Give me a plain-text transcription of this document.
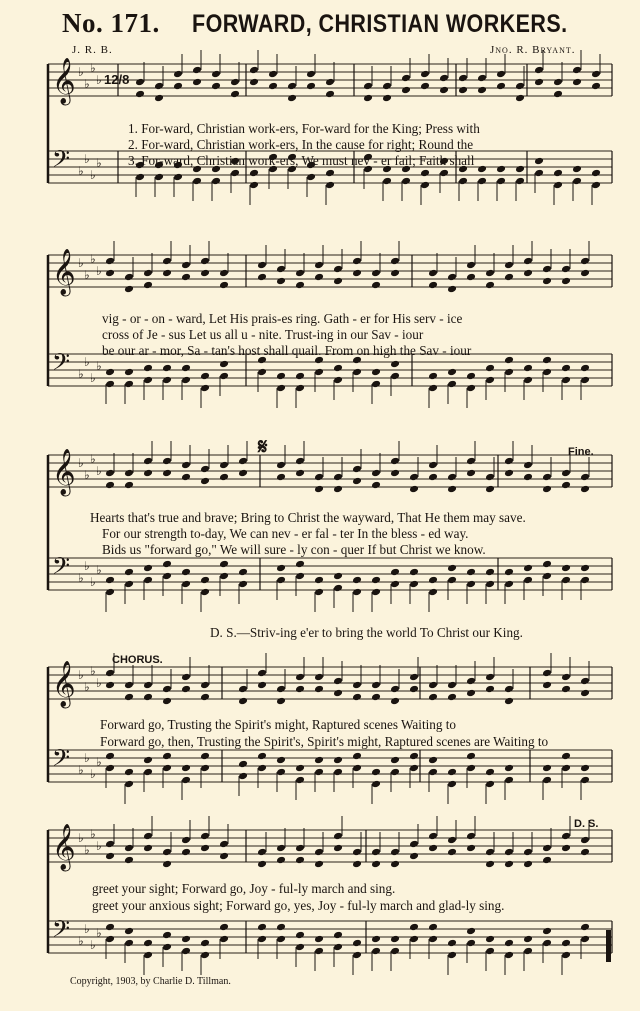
No. 171. FORWARD, CHRISTIAN WORKERS.
J. R. B.	Jno. R. Bryant.
𝄞 ♭
♭
♭
♭
𝄢 ♭
♭
♭
♭
𝄞 ♭
♭
♭
♭
𝄢 ♭
♭
♭
♭
𝄞 ♭
♭
♭
♭
𝄢 ♭
♭
♭
♭
𝄞 ♭
♭
♭
♭
𝄢 ♭
♭
♭
♭
𝄞 ♭
♭
♭
♭
𝄢 ♭
♭
♭
♭
1. For-ward, Christian work-ers, For-ward for the King; Press with
2. For-ward, Christian work-ers, In the cause for right; Round the
3. For-ward, Christian work-ers, We must nev - er fail; Faith shall
12/8
vig - or - on - ward, Let His prais-es ring. Gath - er for His serv - ice
cross of Je - sus Let us all u - nite. Trust-ing in our Sav - iour
be our ar - mor, Sa - tan's host shall quail. From on high the Sav - iour
𝄋	Fine.
Hearts that's true and brave; Bring to Christ the wayward, That He them may save.
For our strength to-day, We can nev - er fal - ter In the bless - ed way.
Bids us "forward go," We will sure - ly con - quer If but Christ we know.
D. S.—Striv-ing e'er to bring the world To Christ our King.
CHORUS.
Forward go, Trusting the Spirit's might, Raptured scenes Waiting to
Forward go, then, Trusting the Spirit's, Spirit's might, Raptured scenes are Waiting to
D. S.
greet your sight; Forward go, Joy - ful-ly march and sing.
greet your anxious sight; Forward go, yes, Joy - ful-ly march and glad-ly sing.
Copyright, 1903, by Charlie D. Tillman.
